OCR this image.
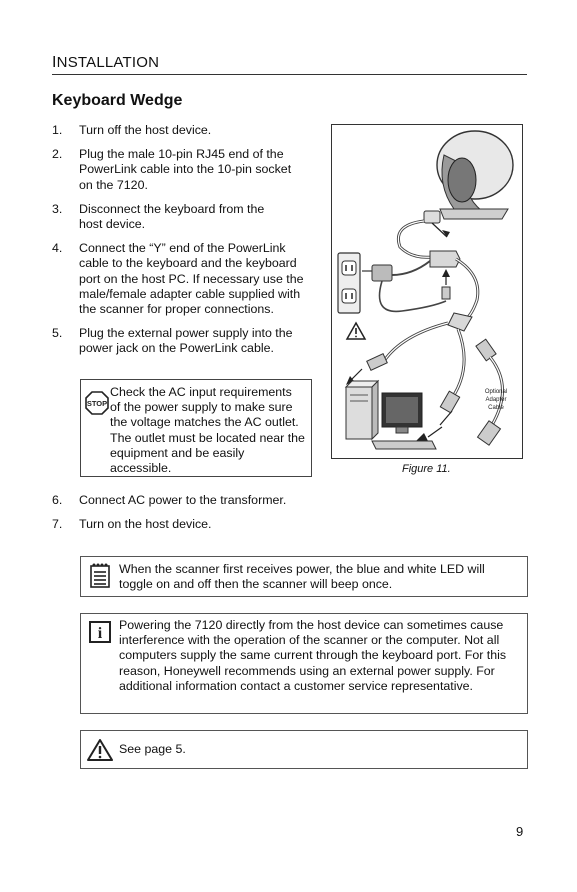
INSTALLATION
Keyboard Wedge
1.	Turn off the host device.
2.	Plug the male 10-pin RJ45 end of the PowerLink cable into the 10-pin socket on the 7120.
3.	Disconnect the keyboard from the host device.
4.	Connect the “Y” end of the PowerLink cable to the keyboard and the keyboard port on the host PC. If necessary use the male/female adapter cable supplied with the scanner for proper connections.
5.	Plug the external power supply into the power jack on the PowerLink cable.
STOP
Check the AC input requirements of the power supply to make sure the voltage matches the AC outlet. The outlet must be located near the equipment and be easily accessible.
Optional
Adapter
Cable
Figure 11.
6.	Connect AC power to the transformer.
7.	Turn on the host device.
When the scanner first receives power, the blue and white LED will toggle on and off then the scanner will beep once.
i Powering the 7120 directly from the host device can sometimes cause interference with the operation of the scanner or the computer. Not all computers supply the same current through the keyboard port. For this reason, Honeywell recommends using an external power supply. For additional information contact a customer service representative.
See page 5.
9
